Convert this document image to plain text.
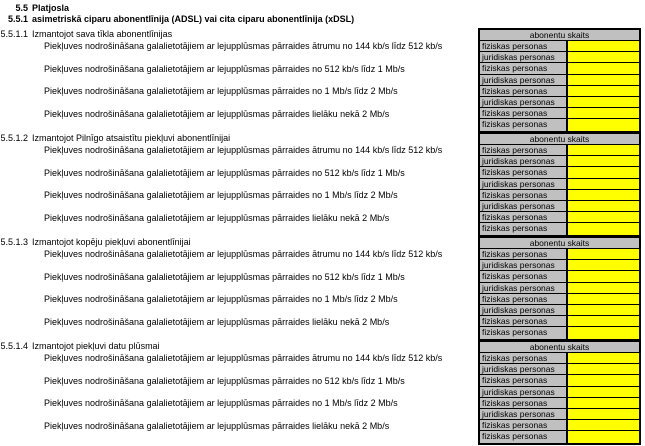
5.5 Platjosla
5.5.1 asimetriskā ciparu abonentlīnija (ADSL) vai cita ciparu abonentlīnija (xDSL)
5.5.1.1 Izmantojot sava tīkla abonentlīnijas
Piekļuves nodrošināšana galalietotājiem ar lejupplūsmas pārraides ātrumu no 144 kb/s līdz 512 kb/s
Piekļuves nodrošināšana galalietotājiem ar lejupplūsmas pārraides no 512 kb/s līdz 1 Mb/s
Piekļuves nodrošināšana galalietotājiem ar lejupplūsmas pārraides no 1 Mb/s līdz 2 Mb/s
Piekļuves nodrošināšana galalietotājiem ar lejupplūsmas pārraides lielāku nekā 2 Mb/s
abonentu skaits
fiziskas personas
juridiskas personas
fiziskas personas
juridiskas personas
fiziskas personas
juridiskas personas
fiziskas personas
fiziskas personas
5.5.1.2 Izmantojot Pilnīgo atsaistītu piekļuvi abonentlīnijai
Piekļuves nodrošināšana galalietotājiem ar lejupplūsmas pārraides ātrumu no 144 kb/s līdz 512 kb/s
Piekļuves nodrošināšana galalietotājiem ar lejupplūsmas pārraides no 512 kb/s līdz 1 Mb/s
Piekļuves nodrošināšana galalietotājiem ar lejupplūsmas pārraides no 1 Mb/s līdz 2 Mb/s
Piekļuves nodrošināšana galalietotājiem ar lejupplūsmas pārraides lielāku nekā 2 Mb/s
abonentu skaits
fiziskas personas
juridiskas personas
fiziskas personas
juridiskas personas
fiziskas personas
juridiskas personas
fiziskas personas
fiziskas personas
5.5.1.3 Izmantojot kopēju piekļuvi abonentlīnijai
Piekļuves nodrošināšana galalietotājiem ar lejupplūsmas pārraides ātrumu no 144 kb/s līdz 512 kb/s
Piekļuves nodrošināšana galalietotājiem ar lejupplūsmas pārraides no 512 kb/s līdz 1 Mb/s
Piekļuves nodrošināšana galalietotājiem ar lejupplūsmas pārraides no 1 Mb/s līdz 2 Mb/s
Piekļuves nodrošināšana galalietotājiem ar lejupplūsmas pārraides lielāku nekā 2 Mb/s
abonentu skaits
fiziskas personas
juridiskas personas
fiziskas personas
juridiskas personas
fiziskas personas
juridiskas personas
fiziskas personas
fiziskas personas
5.5.1.4 Izmantojot piekļuvi datu plūsmai
Piekļuves nodrošināšana galalietotājiem ar lejupplūsmas pārraides ātrumu no 144 kb/s līdz 512 kb/s
Piekļuves nodrošināšana galalietotājiem ar lejupplūsmas pārraides no 512 kb/s līdz 1 Mb/s
Piekļuves nodrošināšana galalietotājiem ar lejupplūsmas pārraides no 1 Mb/s līdz 2 Mb/s
Piekļuves nodrošināšana galalietotājiem ar lejupplūsmas pārraides lielāku nekā 2 Mb/s
abonentu skaits
fiziskas personas
juridiskas personas
fiziskas personas
juridiskas personas
fiziskas personas
juridiskas personas
fiziskas personas
fiziskas personas
